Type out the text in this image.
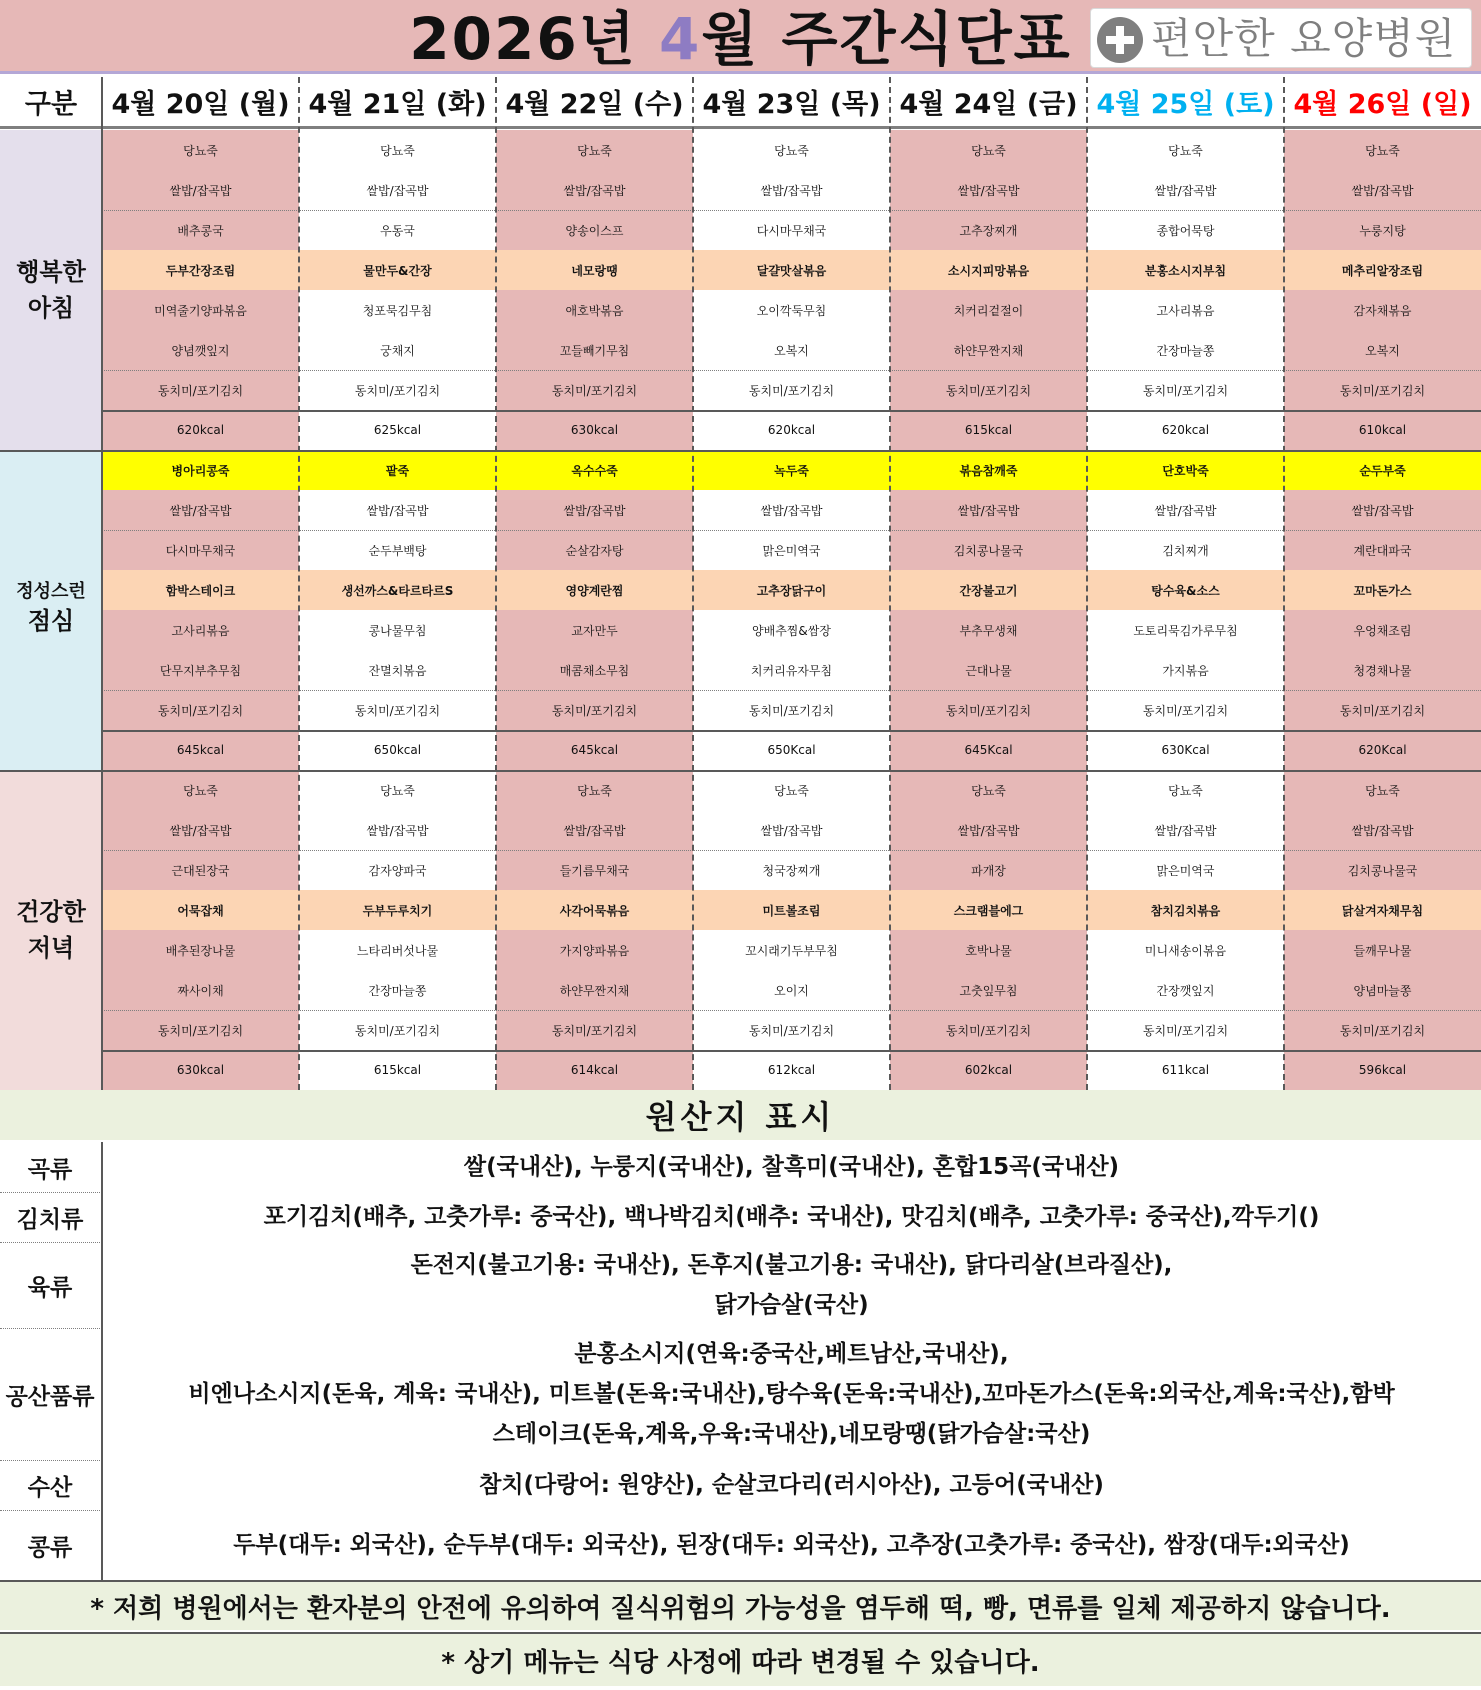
2026년 4월 주간식단표	편안한 요양병원
구분	4월 20일 (월) 4월 21일 (화) 4월 22일 (수) 4월 23일 (목) 4월 24일 (금) 4월 25일 (토) 4월 26일 (일)
행복한
아침
당뇨죽	당뇨죽	당뇨죽	당뇨죽	당뇨죽	당뇨죽	당뇨죽
쌀밥/잡곡밥	쌀밥/잡곡밥	쌀밥/잡곡밥	쌀밥/잡곡밥	쌀밥/잡곡밥	쌀밥/잡곡밥	쌀밥/잡곡밥
배추콩국	우동국	양송이스프	다시마무채국	고추장찌개	종합어묵탕	누룽지탕
두부간장조림	물만두&간장	네모랑땡	달걀맛살볶음	소시지피망볶음	분홍소시지부침	메추리알장조림
미역줄기양파볶음	청포묵김무침	애호박볶음	오이깍둑무침	치커리겉절이	고사리볶음	감자채볶음
양념깻잎지	궁채지	꼬들빼기무침	오복지	하얀무짠지채	간장마늘쫑	오복지
동치미/포기김치	동치미/포기김치	동치미/포기김치	동치미/포기김치	동치미/포기김치	동치미/포기김치	동치미/포기김치
620kcal	625kcal	630kcal	620kcal	615kcal	620kcal	610kcal
정성스런
점심
병아리콩죽	팥죽	옥수수죽	녹두죽	볶음참깨죽	단호박죽	순두부죽
쌀밥/잡곡밥	쌀밥/잡곡밥	쌀밥/잡곡밥	쌀밥/잡곡밥	쌀밥/잡곡밥	쌀밥/잡곡밥	쌀밥/잡곡밥
다시마무채국	순두부백탕	순살감자탕	맑은미역국	김치콩나물국	김치찌개	계란대파국
함박스테이크	생선까스&타르타르S	영양계란찜	고추장닭구이	간장불고기	탕수육&소스	꼬마돈가스
고사리볶음	콩나물무침	교자만두	양배추찜&쌈장	부추무생채	도토리묵김가루무침	우엉채조림
단무지부추무침	잔멸치볶음	매콤채소무침	치커리유자무침	근대나물	가지볶음	청경채나물
동치미/포기김치	동치미/포기김치	동치미/포기김치	동치미/포기김치	동치미/포기김치	동치미/포기김치	동치미/포기김치
645kcal	650kcal	645kcal	650Kcal	645Kcal	630Kcal	620Kcal
건강한
저녁
당뇨죽	당뇨죽	당뇨죽	당뇨죽	당뇨죽	당뇨죽	당뇨죽
쌀밥/잡곡밥	쌀밥/잡곡밥	쌀밥/잡곡밥	쌀밥/잡곡밥	쌀밥/잡곡밥	쌀밥/잡곡밥	쌀밥/잡곡밥
근대된장국	감자양파국	들기름무채국	청국장찌개	파개장	맑은미역국	김치콩나물국
어묵잡채	두부두루치기	사각어묵볶음	미트볼조림	스크램블에그	참치김치볶음	닭살겨자채무침
배추된장나물	느타리버섯나물	가지양파볶음	꼬시래기두부무침	호박나물	미니새송이볶음	들깨무나물
짜사이채	간장마늘쫑	하얀무짠지채	오이지	고춧잎무침	간장깻잎지	양념마늘쫑
동치미/포기김치	동치미/포기김치	동치미/포기김치	동치미/포기김치	동치미/포기김치	동치미/포기김치	동치미/포기김치
630kcal	615kcal	614kcal	612kcal	602kcal	611kcal	596kcal
원산지 표시
곡류	쌀(국내산), 누룽지(국내산), 찰흑미(국내산), 혼합15곡(국내산)
김치류	포기김치(배추, 고춧가루: 중국산), 백나박김치(배추: 국내산), 맛김치(배추, 고춧가루: 중국산),깍두기()
육류
돈전지(불고기용: 국내산), 돈후지(불고기용: 국내산), 닭다리살(브라질산),
닭가슴살(국산)
공산품류
분홍소시지(연육:중국산,베트남산,국내산),
비엔나소시지(돈육, 계육: 국내산), 미트볼(돈육:국내산),탕수육(돈육:국내산),꼬마돈가스(돈육:외국산,계육:국산),함박
스테이크(돈육,계육,우육:국내산),네모랑땡(닭가슴살:국산)
수산	참치(다랑어: 원양산), 순살코다리(러시아산), 고등어(국내산)
콩류	두부(대두: 외국산), 순두부(대두: 외국산), 된장(대두: 외국산), 고추장(고춧가루: 중국산), 쌈장(대두:외국산)
* 저희 병원에서는 환자분의 안전에 유의하여 질식위험의 가능성을 염두해 떡, 빵, 면류를 일체 제공하지 않습니다.
* 상기 메뉴는 식당 사정에 따라 변경될 수 있습니다.
